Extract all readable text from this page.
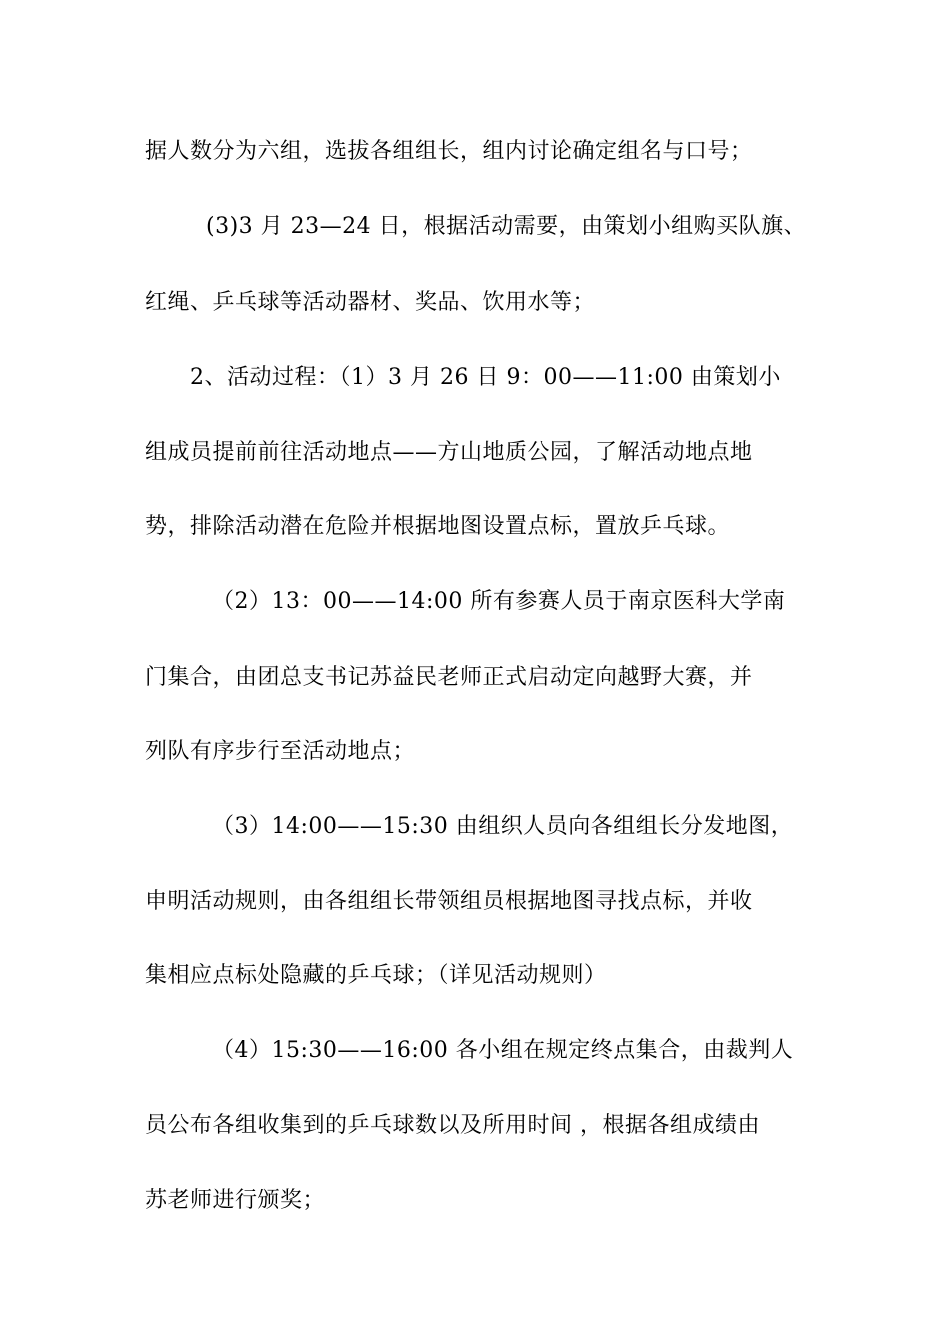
据人数分为六组，选拔各组组长，组内讨论确定组名与口号；
(3)3 月 23—24 日，根据活动需要，由策划小组购买队旗、
红绳、乒乓球等活动器材、奖品、饮用水等；
2、活动过程：（1）3 月 26 日 9：00——11:00 由策划小
组成员提前前往活动地点——方山地质公园，了解活动地点地
势，排除活动潜在危险并根据地图设置点标，置放乒乓球。
（2）13：00——14:00 所有参赛人员于南京医科大学南
门集合，由团总支书记苏益民老师正式启动定向越野大赛，并
列队有序步行至活动地点；
（3）14:00——15:30 由组织人员向各组组长分发地图，
申明活动规则，由各组组长带领组员根据地图寻找点标，并收
集相应点标处隐藏的乒乓球；（详见活动规则）
（4）15:30——16:00 各小组在规定终点集合，由裁判人
员公布各组收集到的乒乓球数以及所用时间 ，根据各组成绩由
苏老师进行颁奖；
